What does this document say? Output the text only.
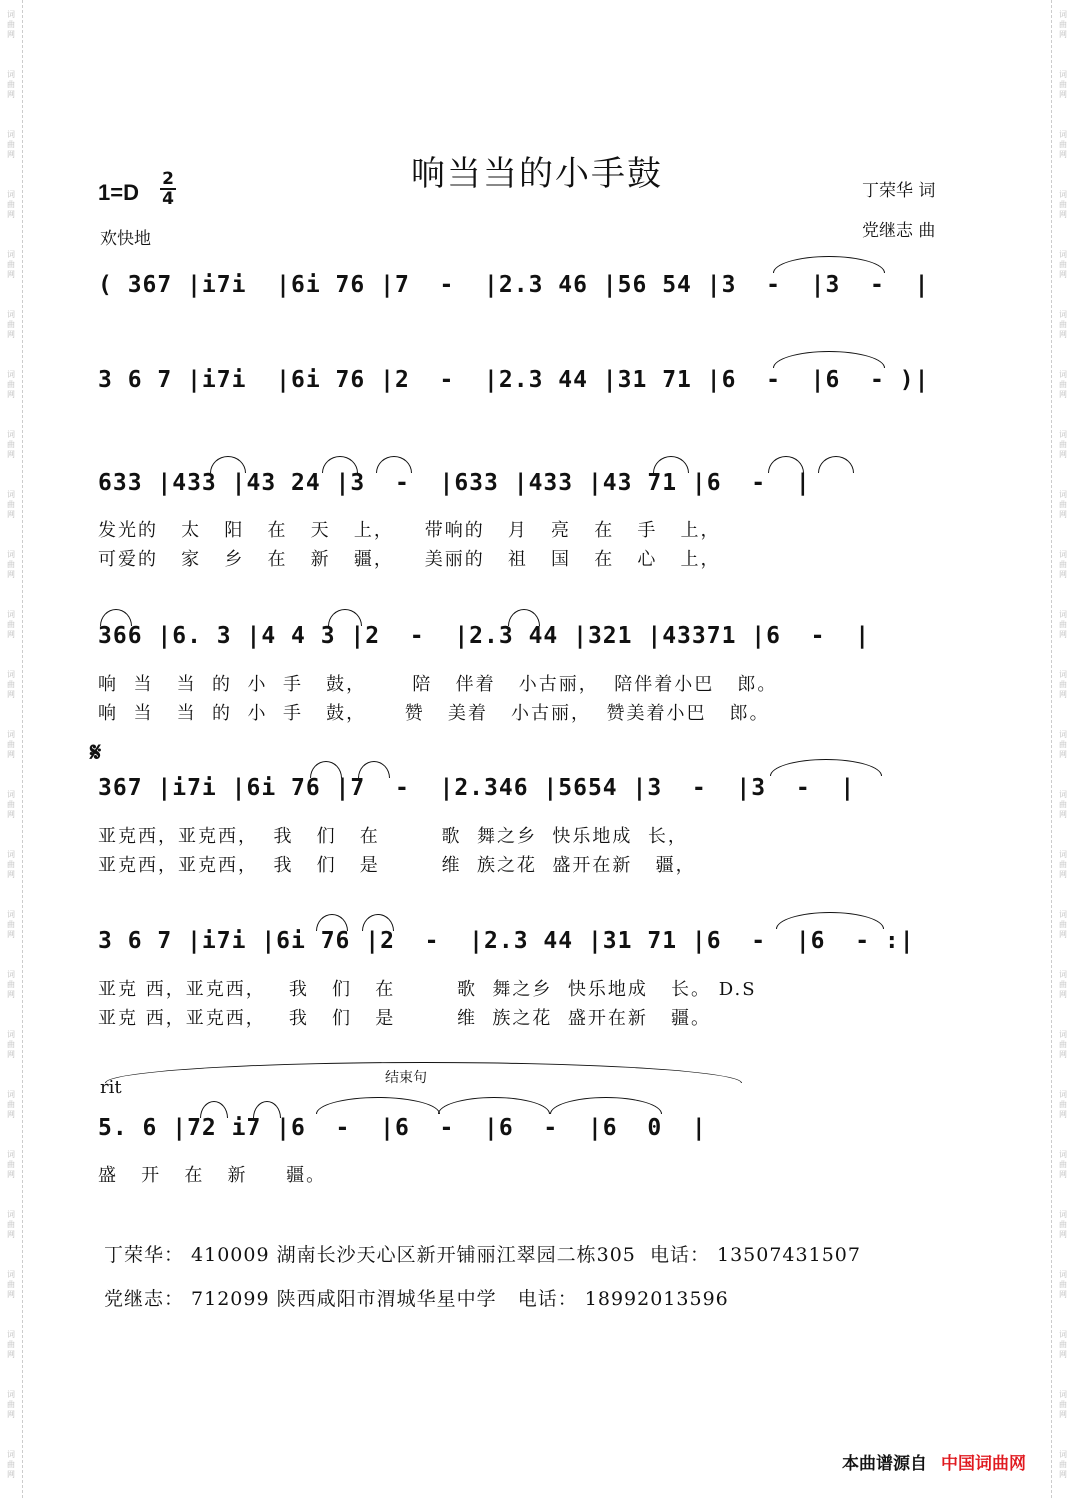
词
曲
网
词
曲
网
词
曲
网
词
曲
网
词
曲
网
词
曲
网
词
曲
网
词
曲
网
词
曲
网
词
曲
网
词
曲
网
词
曲
网
词
曲
网
词
曲
网
词
曲
网
词
曲
网
词
曲
网
词
曲
网
词
曲
网
词
曲
网
词
曲
网
词
曲
网
词
曲
网
词
曲
网
词
曲
网
词
曲
网
词
曲
网
词
曲
网
词
曲
网
词
曲
网
词
曲
网
词
曲
网
词
曲
网
词
曲
网
词
曲
网
词
曲
网
词
曲
网
词
曲
网
词
曲
网
词
曲
网
词
曲
网
词
曲
网
词
曲
网
词
曲
网
词
曲
网
词
曲
网
词
曲
网
词
曲
网
词
曲
网
词
曲
网
响当当的小手鼓	丁荣华 词
党继志 曲
1=D
2
4
欢快地
( 367 |i7i  |6i 76 |7  -  |2.3 46 |56 54 |3  -  |3  -  |
3 6 7 |i7i  |6i 76 |2  -  |2.3 44 |31 71 |6  -  |6  - )|
633 |433 |43 24 |3  -  |633 |433 |43 71 |6  -  |
发光的   太   阳   在   天   上，    带响的   月   亮   在   手   上，
可爱的   家   乡   在   新   疆，    美丽的   祖   国   在   心   上，
366 |6. 3 |4 4 3 |2  -  |2.3 44 |321 |43371 |6  -  |
响  当   当  的  小  手   鼓，      陪   伴着   小古丽，  陪伴着小巴   郎。
响  当   当  的  小  手   鼓，     赞   美着   小古丽，  赞美着小巴   郎。
𝄋
367 |i7i |6i 76 |7  -  |2.346 |5654 |3  -  |3  -  |
亚克西，亚克西，  我   们   在        歌  舞之乡  快乐地成  长，
亚克西，亚克西，  我   们   是        维  族之花  盛开在新   疆，
3 6 7 |i7i |6i 76 |2  -  |2.3 44 |31 71 |6  -  |6  - :|
亚克 西，亚克西，   我   们   在        歌  舞之乡  快乐地成   长。 D.S
亚克 西，亚克西，   我   们   是        维  族之花  盛开在新   疆。
rit	结束句
5. 6 |72 i7 |6  -  |6  -  |6  -  |6  0  |
盛   开   在   新     疆。
丁荣华： 410009 湖南长沙天心区新开铺丽江翠园二栋305  电话： 13507431507
党继志： 712099 陕西咸阳市渭城华星中学   电话： 18992013596
本曲谱源自 中国词曲网
